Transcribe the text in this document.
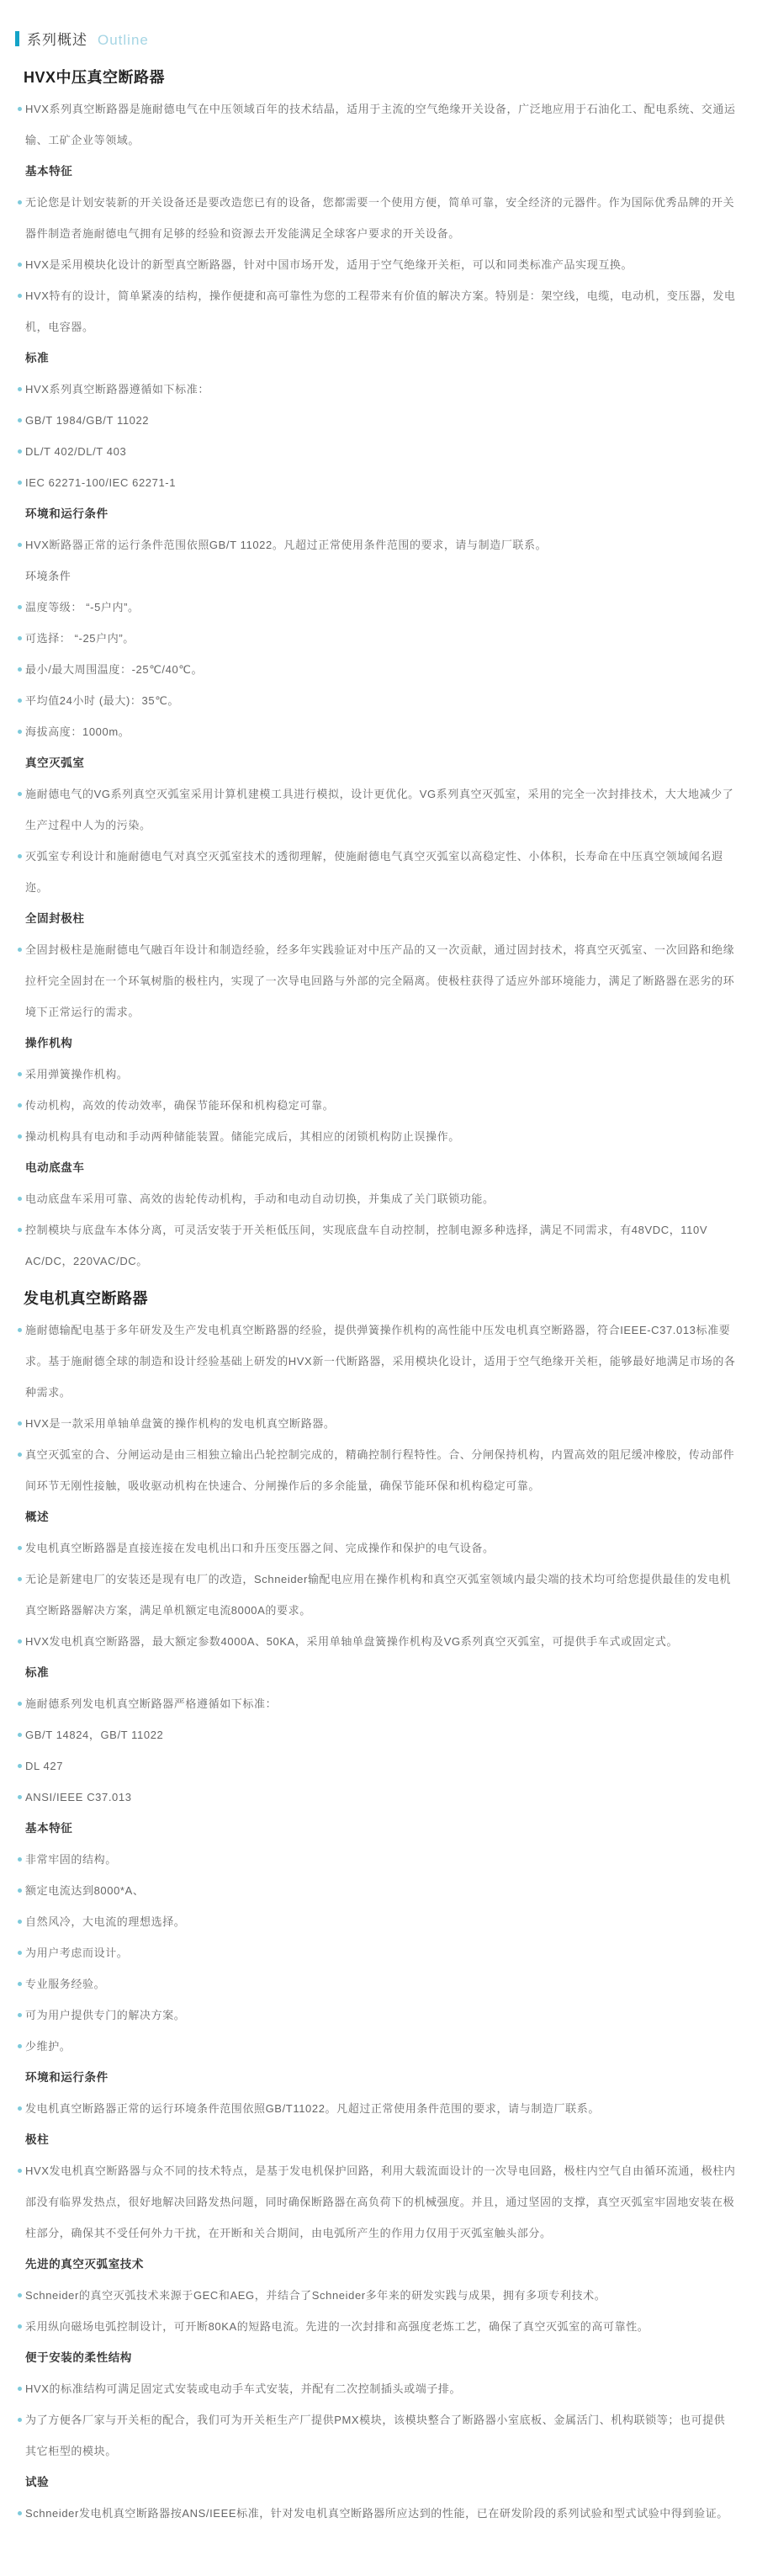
系列概述 Outline
HVX中压真空断路器
HVX系列真空断路器是施耐德电气在中压领域百年的技术结晶，适用于主流的空气绝缘开关设备，广泛地应用于石油化工、配电系统、交通运输、工矿企业等领域。
基本特征
无论您是计划安装新的开关设备还是要改造您已有的设备，您都需要一个使用方便，简单可靠，安全经济的元器件。作为国际优秀品牌的开关器件制造者施耐德电气拥有足够的经验和资源去开发能满足全球客户要求的开关设备。
HVX是采用模块化设计的新型真空断路器，针对中国市场开发，适用于空气绝缘开关柜，可以和同类标准产品实现互换。
HVX特有的设计，简单紧凑的结构，操作便捷和高可靠性为您的工程带来有价值的解决方案。特别是：架空线，电缆，电动机，变压器，发电机，电容器。
标准
HVX系列真空断路器遵循如下标准：
GB/T 1984/GB/T 11022
DL/T 402/DL/T 403
IEC 62271-100/IEC 62271-1
环境和运行条件
HVX断路器正常的运行条件范围依照GB/T 11022。凡超过正常使用条件范围的要求，请与制造厂联系。
环境条件
温度等级： “-5户内”。
可选择： “-25户内”。
最小/最大周围温度：-25℃/40℃。
平均值24小时 (最大)：35℃。
海拔高度：1000m。
真空灭弧室
施耐德电气的VG系列真空灭弧室采用计算机建模工具进行模拟，设计更优化。VG系列真空灭弧室，采用的完全一次封排技术，大大地减少了生产过程中人为的污染。
灭弧室专利设计和施耐德电气对真空灭弧室技术的透彻理解，使施耐德电气真空灭弧室以高稳定性、小体积，长寿命在中压真空领域闻名遐迩。
全固封极柱
全固封极柱是施耐德电气融百年设计和制造经验，经多年实践验证对中压产品的又一次贡献，通过固封技术，将真空灭弧室、一次回路和绝缘拉杆完全固封在一个环氧树脂的极柱内，实现了一次导电回路与外部的完全隔离。使极柱获得了适应外部环境能力，满足了断路器在恶劣的环境下正常运行的需求。
操作机构
采用弹簧操作机构。
传动机构，高效的传动效率，确保节能环保和机构稳定可靠。
操动机构具有电动和手动两种储能装置。储能完成后，其相应的闭锁机构防止误操作。
电动底盘车
电动底盘车采用可靠、高效的齿轮传动机构，手动和电动自动切换，并集成了关门联锁功能。
控制模块与底盘车本体分离，可灵活安装于开关柜低压间，实现底盘车自动控制，控制电源多种选择，满足不同需求，有48VDC，110V AC/DC，220VAC/DC。
发电机真空断路器
施耐德输配电基于多年研发及生产发电机真空断路器的经验，提供弹簧操作机构的高性能中压发电机真空断路器，符合IEEE-C37.013标准要求。基于施耐德全球的制造和设计经验基础上研发的HVX新一代断路器，采用模块化设计，适用于空气绝缘开关柜，能够最好地满足市场的各种需求。
HVX是一款采用单轴单盘簧的操作机构的发电机真空断路器。
真空灭弧室的合、分闸运动是由三相独立输出凸轮控制完成的，精确控制行程特性。合、分闸保持机构，内置高效的阻尼缓冲橡胶，传动部件间环节无刚性接触，吸收驱动机构在快速合、分闸操作后的多余能量，确保节能环保和机构稳定可靠。
概述
发电机真空断路器是直接连接在发电机出口和升压变压器之间、完成操作和保护的电气设备。
无论是新建电厂的安装还是现有电厂的改造，Schneider输配电应用在操作机构和真空灭弧室领域内最尖端的技术均可给您提供最佳的发电机真空断路器解决方案，满足单机额定电流8000A的要求。
HVX发电机真空断路器，最大额定参数4000A、50KA，采用单轴单盘簧操作机构及VG系列真空灭弧室，可提供手车式或固定式。
标准
施耐德系列发电机真空断路器严格遵循如下标准：
GB/T 14824，GB/T 11022
DL 427
ANSI/IEEE C37.013
基本特征
非常牢固的结构。
额定电流达到8000*A、
自然风冷，大电流的理想选择。
为用户考虑而设计。
专业服务经验。
可为用户提供专门的解决方案。
少维护。
环境和运行条件
发电机真空断路器正常的运行环境条件范围依照GB/T11022。凡超过正常使用条件范围的要求，请与制造厂联系。
极柱
HVX发电机真空断路器与众不同的技术特点，是基于发电机保护回路，利用大载流面设计的一次导电回路，极柱内空气自由循环流通，极柱内部没有临界发热点，很好地解决回路发热问题，同时确保断路器在高负荷下的机械强度。并且，通过坚固的支撑，真空灭弧室牢固地安装在极柱部分，确保其不受任何外力干扰，在开断和关合期间，由电弧所产生的作用力仅用于灭弧室触头部分。
先进的真空灭弧室技术
Schneider的真空灭弧技术来源于GEC和AEG，并结合了Schneider多年来的研发实践与成果，拥有多项专利技术。
采用纵向磁场电弧控制设计，可开断80KA的短路电流。先进的一次封排和高强度老炼工艺，确保了真空灭弧室的高可靠性。
便于安装的柔性结构
HVX的标准结构可满足固定式安装或电动手车式安装，并配有二次控制插头或端子排。
为了方便各厂家与开关柜的配合，我们可为开关柜生产厂提供PMX模块，该模块整合了断路器小室底板、金属活门、机构联锁等；也可提供其它柜型的模块。
试验
Schneider发电机真空断路器按ANS/IEEE标准，针对发电机真空断路器所应达到的性能，已在研发阶段的系列试验和型式试验中得到验证。
